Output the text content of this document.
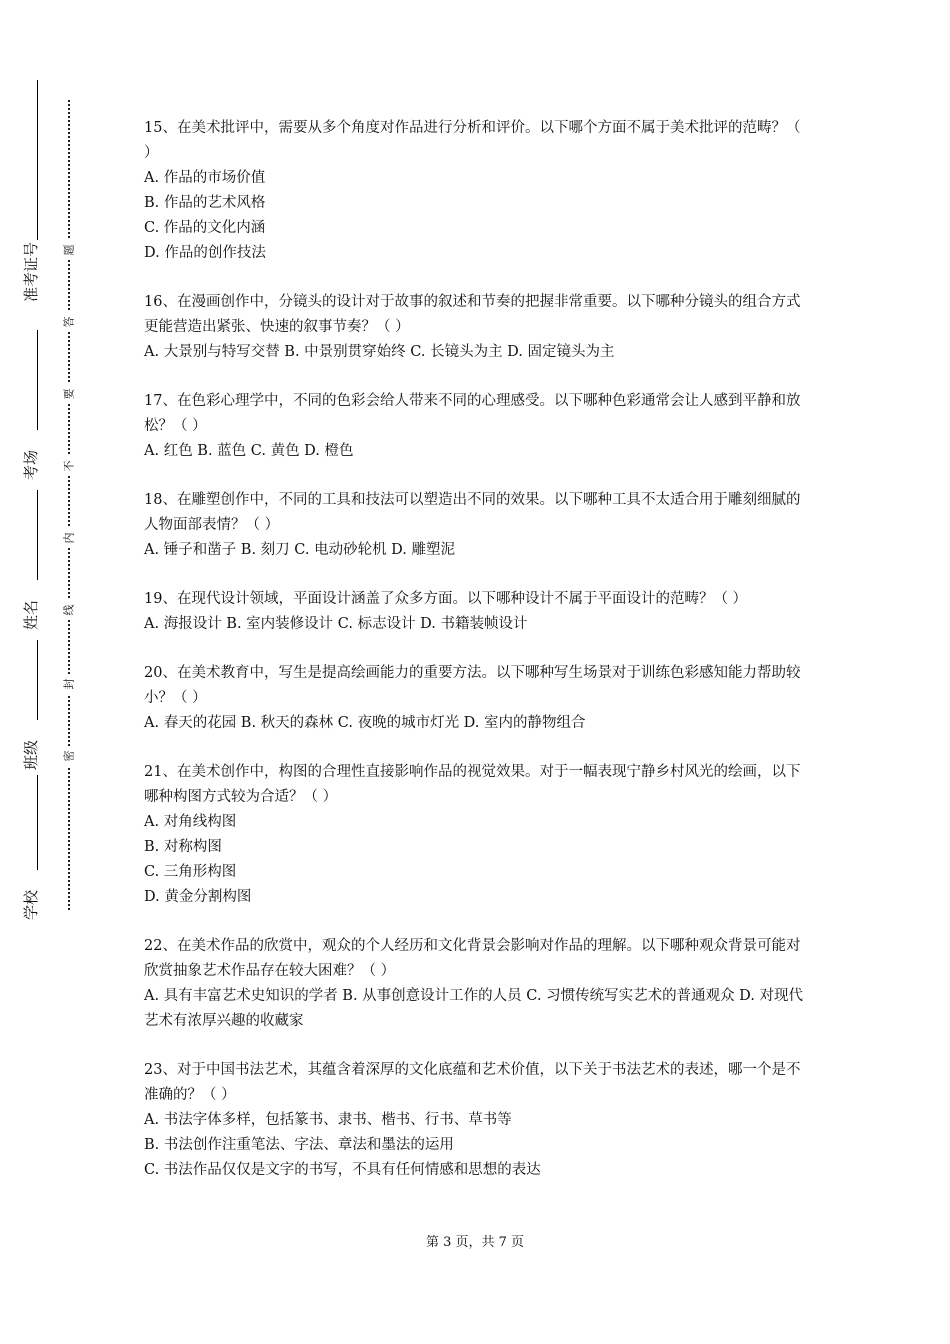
准考证号
考场
姓名
班级
学校
题
答
要
不
内
线
封
密
15、在美术批评中，需要从多个角度对作品进行分析和评价。以下哪个方面不属于美术批评的范畴？（ ）
A. 作品的市场价值
B. 作品的艺术风格
C. 作品的文化内涵
D. 作品的创作技法
16、在漫画创作中，分镜头的设计对于故事的叙述和节奏的把握非常重要。以下哪种分镜头的组合方式更能营造出紧张、快速的叙事节奏？（ ）
A. 大景别与特写交替 B. 中景别贯穿始终 C. 长镜头为主 D. 固定镜头为主
17、在色彩心理学中，不同的色彩会给人带来不同的心理感受。以下哪种色彩通常会让人感到平静和放松？（ ）
A. 红色 B. 蓝色 C. 黄色 D. 橙色
18、在雕塑创作中，不同的工具和技法可以塑造出不同的效果。以下哪种工具不太适合用于雕刻细腻的人物面部表情？（ ）
A. 锤子和凿子 B. 刻刀 C. 电动砂轮机 D. 雕塑泥
19、在现代设计领域，平面设计涵盖了众多方面。以下哪种设计不属于平面设计的范畴？（ ）
A. 海报设计 B. 室内装修设计 C. 标志设计 D. 书籍装帧设计
20、在美术教育中，写生是提高绘画能力的重要方法。以下哪种写生场景对于训练色彩感知能力帮助较小？（ ）
A. 春天的花园 B. 秋天的森林 C. 夜晚的城市灯光 D. 室内的静物组合
21、在美术创作中，构图的合理性直接影响作品的视觉效果。对于一幅表现宁静乡村风光的绘画，以下哪种构图方式较为合适？（ ）
A. 对角线构图
B. 对称构图
C. 三角形构图
D. 黄金分割构图
22、在美术作品的欣赏中，观众的个人经历和文化背景会影响对作品的理解。以下哪种观众背景可能对欣赏抽象艺术作品存在较大困难？（ ）
A. 具有丰富艺术史知识的学者 B. 从事创意设计工作的人员 C. 习惯传统写实艺术的普通观众 D. 对现代艺术有浓厚兴趣的收藏家
23、对于中国书法艺术，其蕴含着深厚的文化底蕴和艺术价值，以下关于书法艺术的表述，哪一个是不准确的？（ ）
A. 书法字体多样，包括篆书、隶书、楷书、行书、草书等
B. 书法创作注重笔法、字法、章法和墨法的运用
C. 书法作品仅仅是文字的书写，不具有任何情感和思想的表达
第 3 页，共 7 页
